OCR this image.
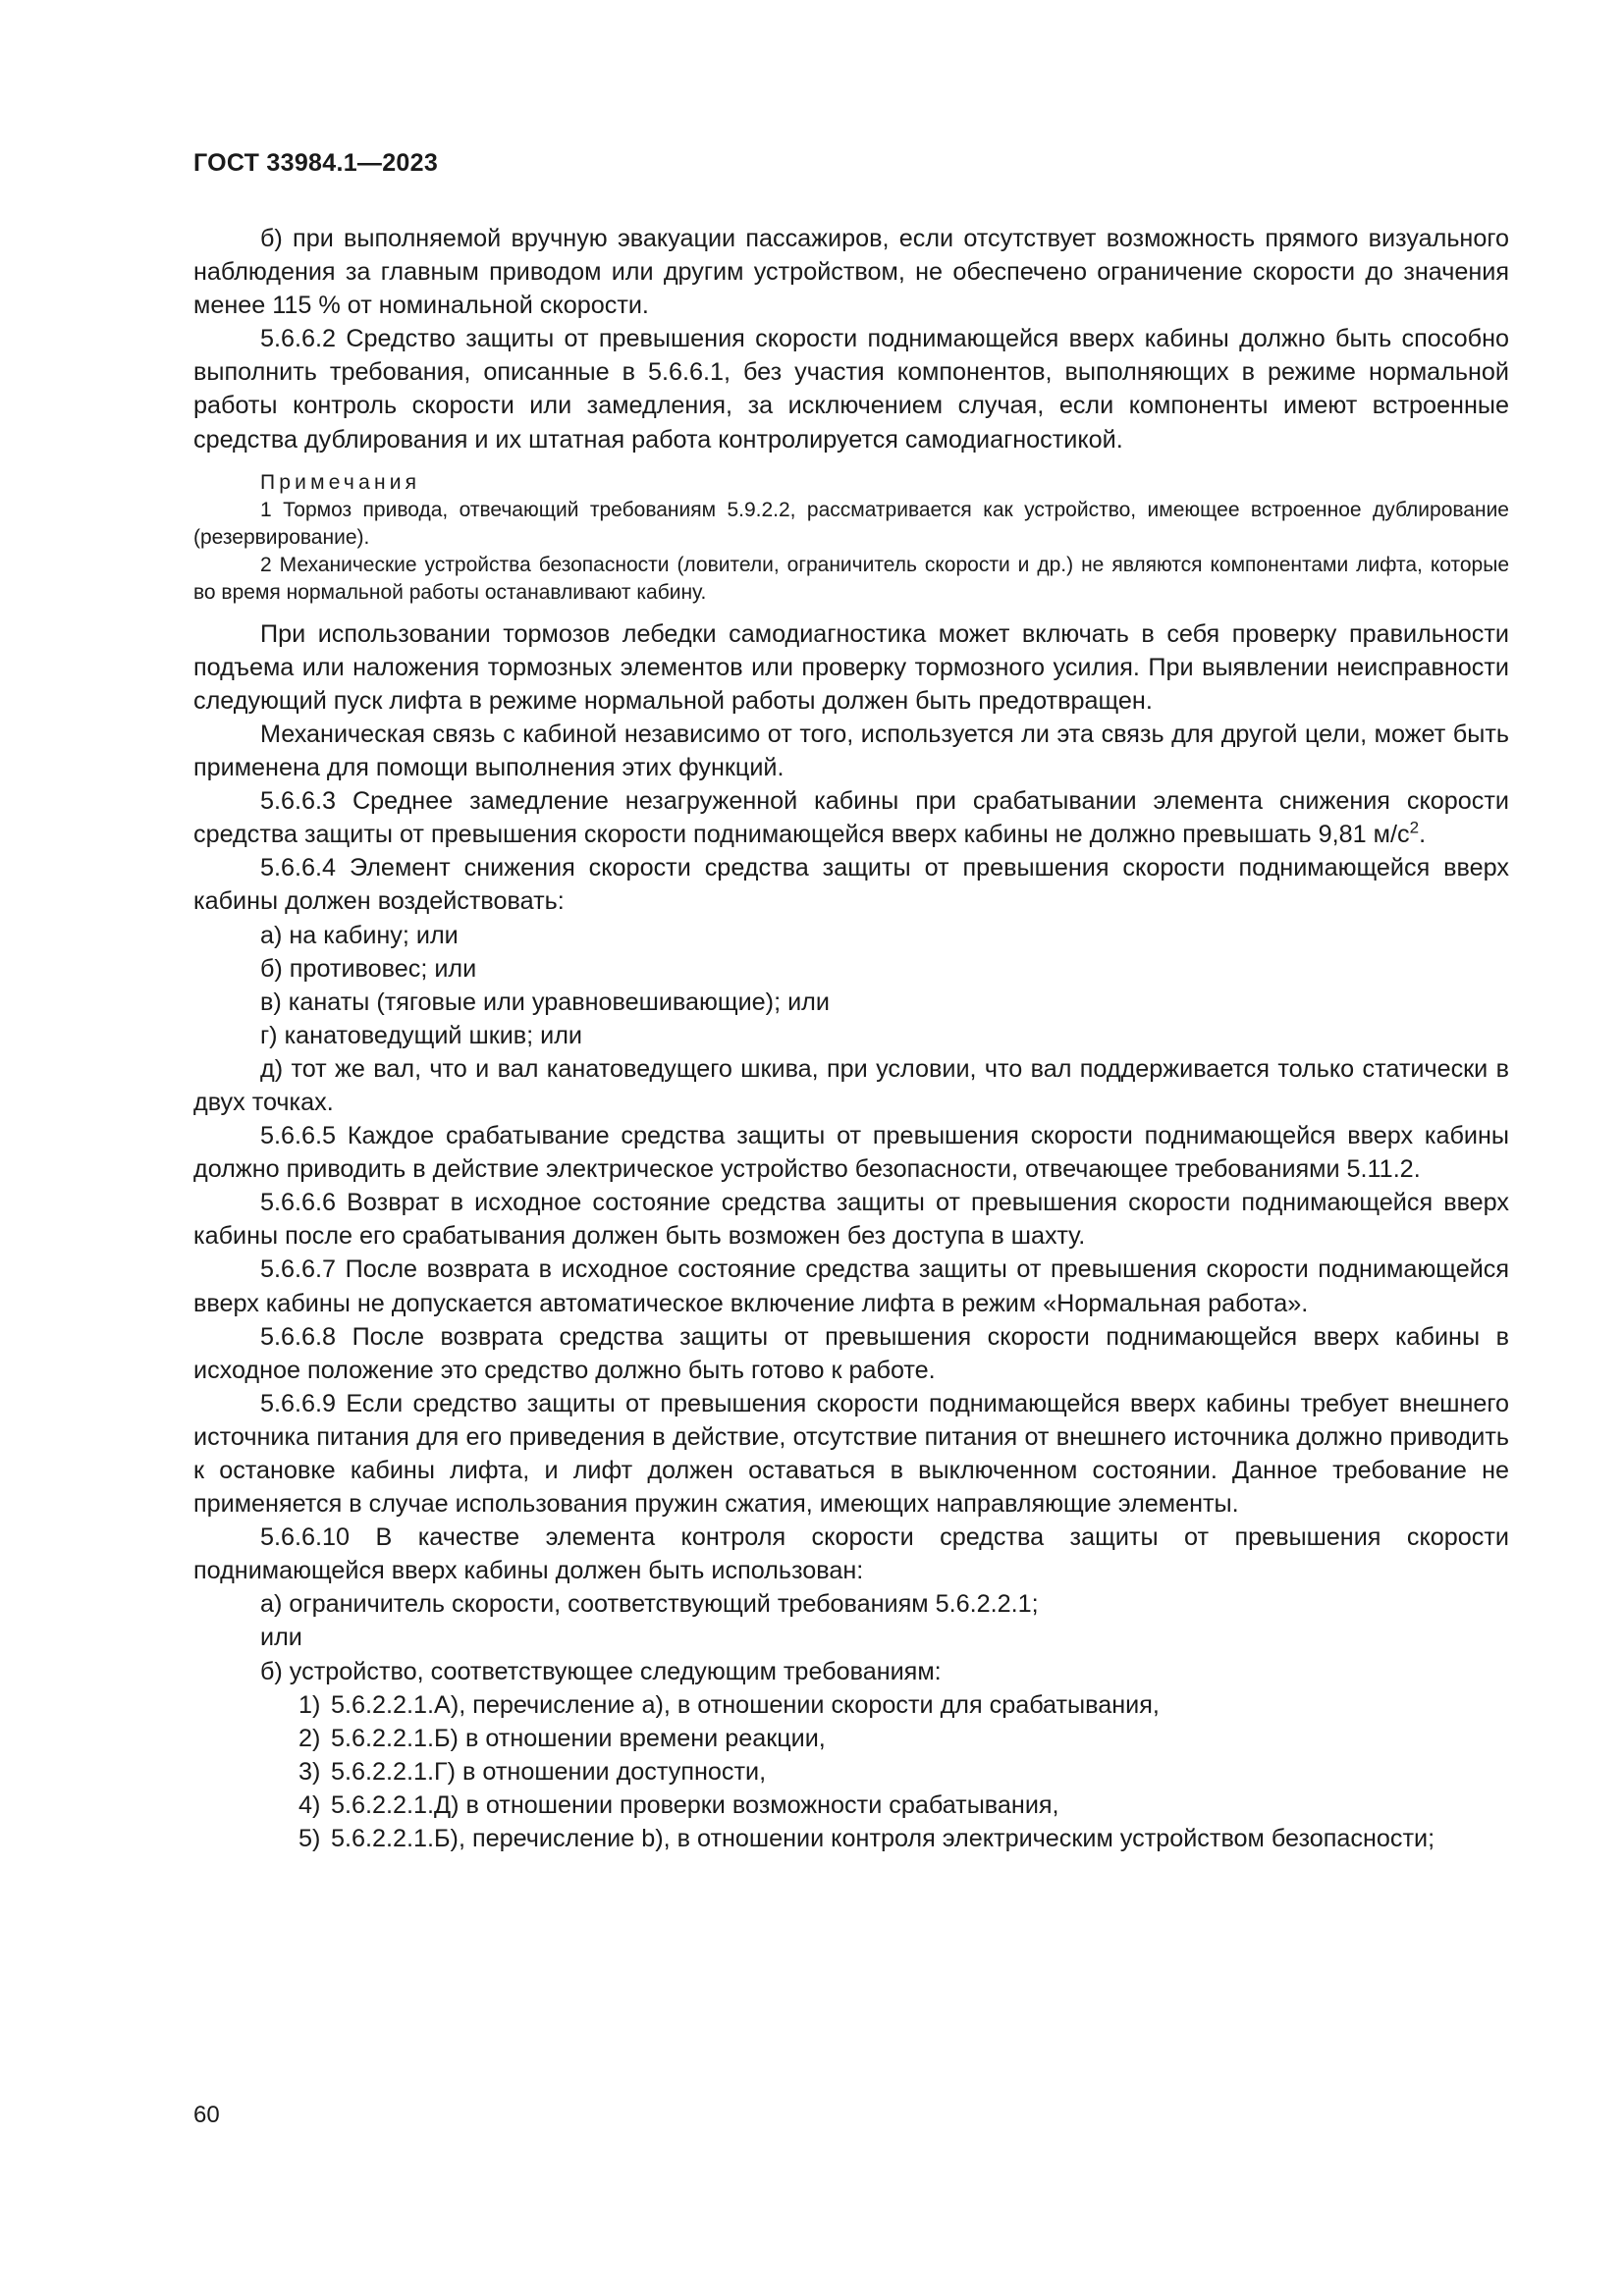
ГОСТ 33984.1—2023

б) при выполняемой вручную эвакуации пассажиров, если отсутствует возможность прямого визуального наблюдения за главным приводом или другим устройством, не обеспечено ограничение скорости до значения менее 115 % от номинальной скорости.

5.6.6.2 Средство защиты от превышения скорости поднимающейся вверх кабины должно быть способно выполнить требования, описанные в 5.6.6.1, без участия компонентов, выполняющих в режиме нормальной работы контроль скорости или замедления, за исключением случая, если компоненты имеют встроенные средства дублирования и их штатная работа контролируется самодиагностикой.

Примечания

1 Тормоз привода, отвечающий требованиям 5.9.2.2, рассматривается как устройство, имеющее встроенное дублирование (резервирование).

2 Механические устройства безопасности (ловители, ограничитель скорости и др.) не являются компонентами лифта, которые во время нормальной работы останавливают кабину.

При использовании тормозов лебедки самодиагностика может включать в себя проверку правильности подъема или наложения тормозных элементов или проверку тормозного усилия. При выявлении неисправности следующий пуск лифта в режиме нормальной работы должен быть предотвращен.

Механическая связь с кабиной независимо от того, используется ли эта связь для другой цели, может быть применена для помощи выполнения этих функций.

5.6.6.3 Среднее замедление незагруженной кабины при срабатывании элемента снижения скорости средства защиты от превышения скорости поднимающейся вверх кабины не должно превышать 9,81 $м/с^2$.

5.6.6.4 Элемент снижения скорости средства защиты от превышения скорости поднимающейся вверх кабины должен воздействовать:

а) на кабину; или

б) противовес; или

в) канаты (тяговые или уравновешивающие); или

г) канатоведущий шкив; или

д) тот же вал, что и вал канатоведущего шкива, при условии, что вал поддерживается только статически в двух точках.

5.6.6.5 Каждое срабатывание средства защиты от превышения скорости поднимающейся вверх кабины должно приводить в действие электрическое устройство безопасности, отвечающее требованиями 5.11.2.

5.6.6.6 Возврат в исходное состояние средства защиты от превышения скорости поднимающейся вверх кабины после его срабатывания должен быть возможен без доступа в шахту.

5.6.6.7 После возврата в исходное состояние средства защиты от превышения скорости поднимающейся вверх кабины не допускается автоматическое включение лифта в режим «Нормальная работа».

5.6.6.8 После возврата средства защиты от превышения скорости поднимающейся вверх кабины в исходное положение это средство должно быть готово к работе.

5.6.6.9 Если средство защиты от превышения скорости поднимающейся вверх кабины требует внешнего источника питания для его приведения в действие, отсутствие питания от внешнего источника должно приводить к остановке кабины лифта, и лифт должен оставаться в выключенном состоянии. Данное требование не применяется в случае использования пружин сжатия, имеющих направляющие элементы.

5.6.6.10 В качестве элемента контроля скорости средства защиты от превышения скорости поднимающейся вверх кабины должен быть использован:

а) ограничитель скорости, соответствующий требованиям 5.6.2.2.1;

или

б) устройство, соответствующее следующим требованиям:

1) 5.6.2.2.1.А), перечисление а), в отношении скорости для срабатывания,
2) 5.6.2.2.1.Б) в отношении времени реакции,
3) 5.6.2.2.1.Г) в отношении доступности,
4) 5.6.2.2.1.Д) в отношении проверки возможности срабатывания,
5) 5.6.2.2.1.Б), перечисление b), в отношении контроля электрическим устройством безопасности;
60
